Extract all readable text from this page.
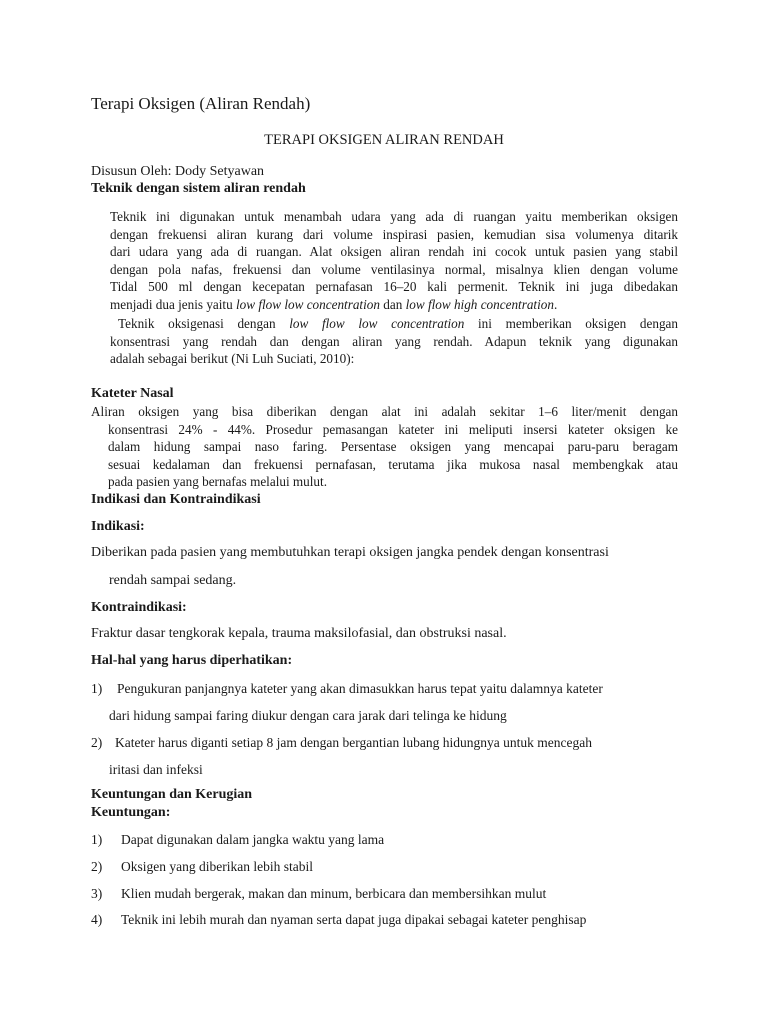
Terapi Oksigen (Aliran Rendah)
TERAPI OKSIGEN ALIRAN RENDAH
Disusun Oleh: Dody Setyawan
Teknik dengan sistem aliran rendah
Teknik ini digunakan untuk menambah udara yang ada di ruangan yaitu memberikan oksigen
dengan frekuensi aliran kurang dari volume inspirasi pasien, kemudian sisa volumenya ditarik
dari udara yang ada di ruangan. Alat oksigen aliran rendah ini cocok untuk pasien yang stabil
dengan pola nafas, frekuensi dan volume ventilasinya normal, misalnya klien dengan volume
Tidal 500 ml dengan kecepatan pernafasan 16–20 kali permenit. Teknik ini juga dibedakan
menjadi dua jenis yaitu low flow low concentration dan low flow high concentration.
Teknik oksigenasi dengan low flow low concentration ini memberikan oksigen dengan
konsentrasi yang rendah dan dengan aliran yang rendah. Adapun teknik yang digunakan
adalah sebagai berikut (Ni Luh Suciati, 2010):
Kateter Nasal
Aliran oksigen yang bisa diberikan dengan alat ini adalah sekitar 1–6 liter/menit dengan
konsentrasi 24% - 44%. Prosedur pemasangan kateter ini meliputi insersi kateter oksigen ke
dalam hidung sampai naso faring. Persentase oksigen yang mencapai paru-paru beragam
sesuai kedalaman dan frekuensi pernafasan, terutama jika mukosa nasal membengkak atau
pada pasien yang bernafas melalui mulut.
Indikasi dan Kontraindikasi
Indikasi:
Diberikan pada pasien yang membutuhkan terapi oksigen jangka pendek dengan konsentrasi
rendah sampai sedang.
Kontraindikasi:
Fraktur dasar tengkorak kepala, trauma maksilofasial, dan obstruksi nasal.
Hal-hal yang harus diperhatikan:
1) Pengukuran panjangnya kateter yang akan dimasukkan harus tepat yaitu dalamnya kateter
dari hidung sampai faring diukur dengan cara jarak dari telinga ke hidung
2) Kateter harus diganti setiap 8 jam dengan bergantian lubang hidungnya untuk mencegah
iritasi dan infeksi
Keuntungan dan Kerugian
Keuntungan:
1) Dapat digunakan dalam jangka waktu yang lama
2) Oksigen yang diberikan lebih stabil
3) Klien mudah bergerak, makan dan minum, berbicara dan membersihkan mulut
4) Teknik ini lebih murah dan nyaman serta dapat juga dipakai sebagai kateter penghisap
